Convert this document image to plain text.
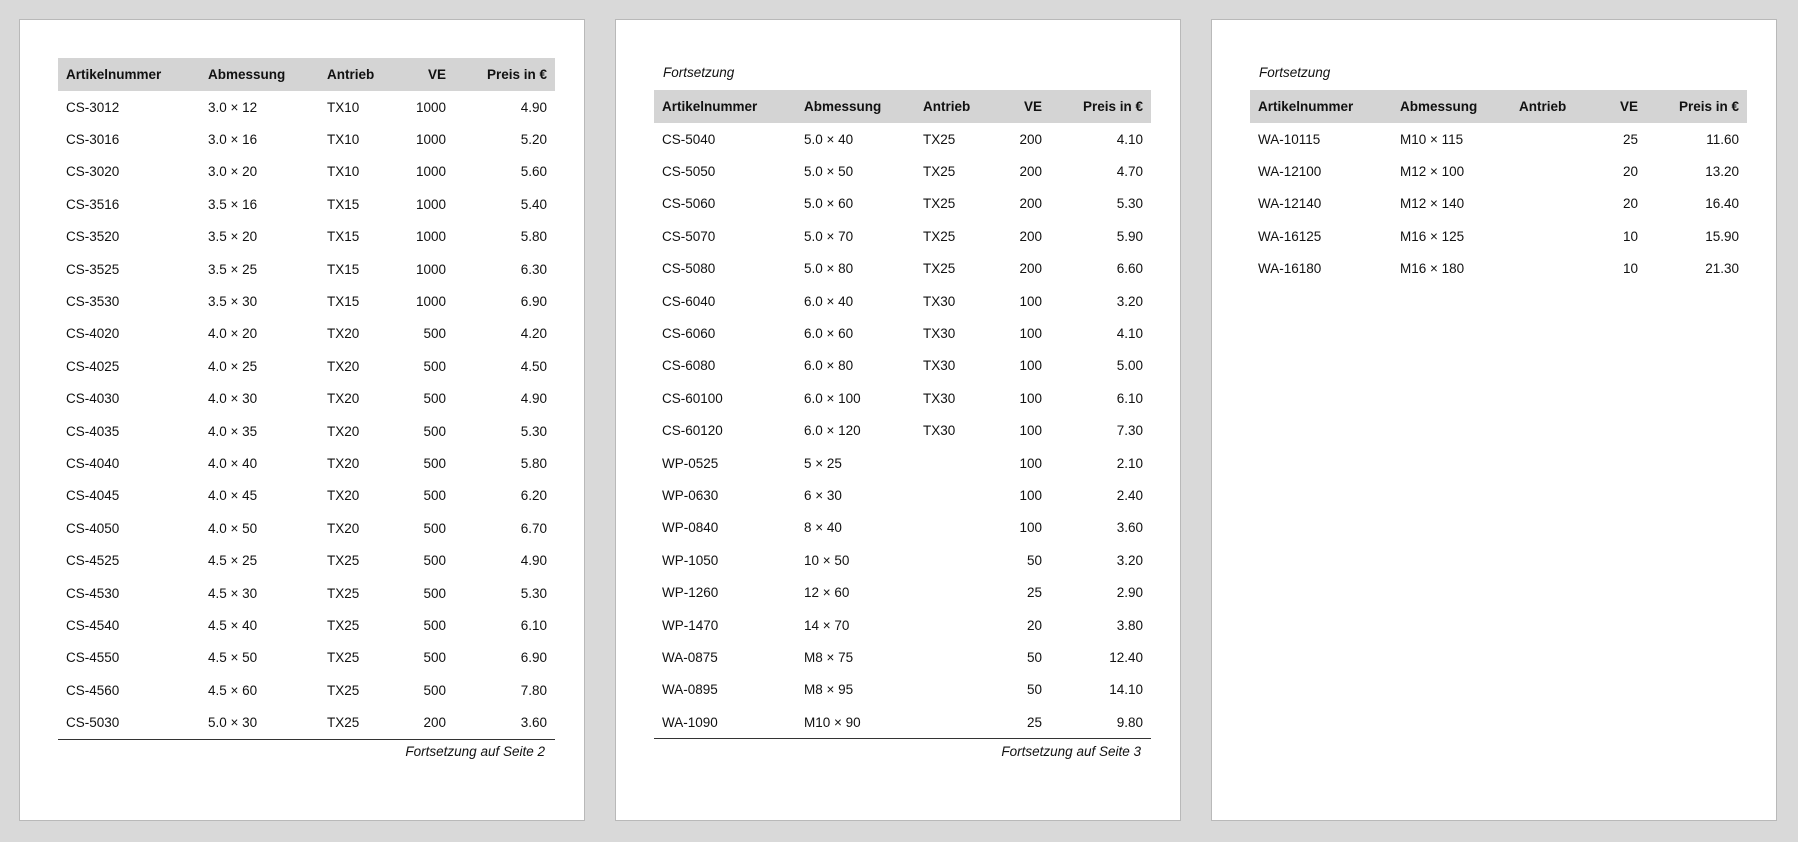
Artikelnummer	Abmessung	Antrieb	VE	Preis in €
CS-3012	3.0 × 12	TX10	1000	4.90
CS-3016	3.0 × 16	TX10	1000	5.20
CS-3020	3.0 × 20	TX10	1000	5.60
CS-3516	3.5 × 16	TX15	1000	5.40
CS-3520	3.5 × 20	TX15	1000	5.80
CS-3525	3.5 × 25	TX15	1000	6.30
CS-3530	3.5 × 30	TX15	1000	6.90
CS-4020	4.0 × 20	TX20	500	4.20
CS-4025	4.0 × 25	TX20	500	4.50
CS-4030	4.0 × 30	TX20	500	4.90
CS-4035	4.0 × 35	TX20	500	5.30
CS-4040	4.0 × 40	TX20	500	5.80
CS-4045	4.0 × 45	TX20	500	6.20
CS-4050	4.0 × 50	TX20	500	6.70
CS-4525	4.5 × 25	TX25	500	4.90
CS-4530	4.5 × 30	TX25	500	5.30
CS-4540	4.5 × 40	TX25	500	6.10
CS-4550	4.5 × 50	TX25	500	6.90
CS-4560	4.5 × 60	TX25	500	7.80
CS-5030	5.0 × 30	TX25	200	3.60
Fortsetzung auf Seite 2
Fortsetzung
Artikelnummer	Abmessung	Antrieb	VE	Preis in €
CS-5040	5.0 × 40	TX25	200	4.10
CS-5050	5.0 × 50	TX25	200	4.70
CS-5060	5.0 × 60	TX25	200	5.30
CS-5070	5.0 × 70	TX25	200	5.90
CS-5080	5.0 × 80	TX25	200	6.60
CS-6040	6.0 × 40	TX30	100	3.20
CS-6060	6.0 × 60	TX30	100	4.10
CS-6080	6.0 × 80	TX30	100	5.00
CS-60100	6.0 × 100	TX30	100	6.10
CS-60120	6.0 × 120	TX30	100	7.30
WP-0525	5 × 25		100	2.10
WP-0630	6 × 30		100	2.40
WP-0840	8 × 40		100	3.60
WP-1050	10 × 50		50	3.20
WP-1260	12 × 60		25	2.90
WP-1470	14 × 70		20	3.80
WA-0875	M8 × 75		50	12.40
WA-0895	M8 × 95		50	14.10
WA-1090	M10 × 90		25	9.80
Fortsetzung auf Seite 3
Fortsetzung
Artikelnummer	Abmessung	Antrieb	VE	Preis in €
WA-10115	M10 × 115		25	11.60
WA-12100	M12 × 100		20	13.20
WA-12140	M12 × 140		20	16.40
WA-16125	M16 × 125		10	15.90
WA-16180	M16 × 180		10	21.30
